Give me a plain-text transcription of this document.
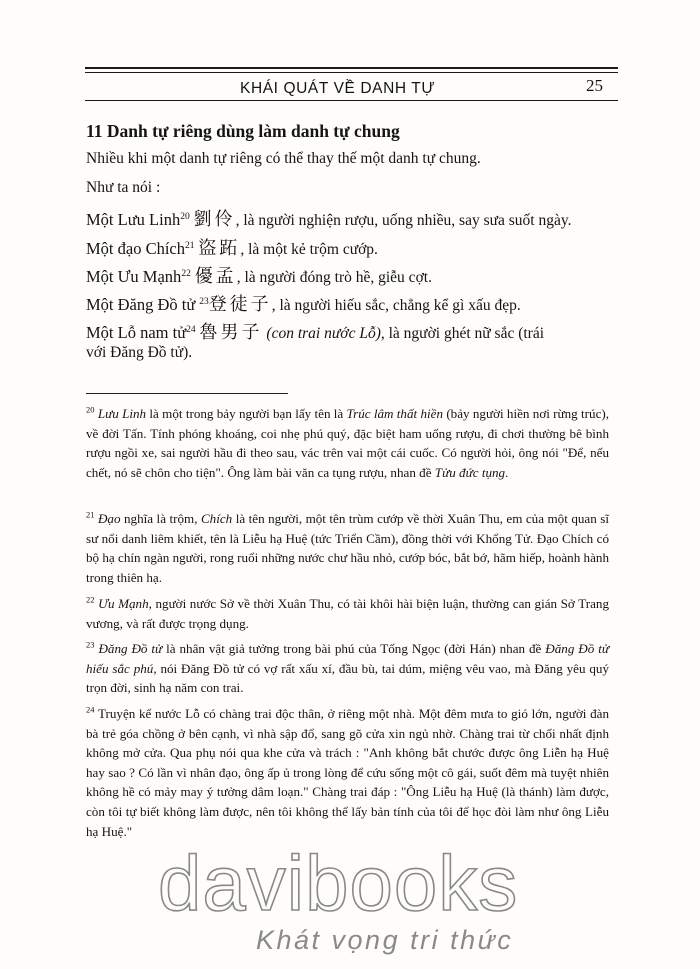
KHÁI QUÁT VỀ DANH TỰ	25
11 Danh tự riêng dùng làm danh tự chung
Nhiều khi một danh tự riêng có thể thay thế một danh tự chung.
Như ta nói :
Một Lưu Linh$^{20}$ 劉伶, là người nghiện rượu, uống nhiều, say sưa suốt ngày.
Một đạo Chích$^{21}$ 盜跖, là một kẻ trộm cướp.
Một Ưu Mạnh$^{22}$ 優孟, là người đóng trò hề, giễu cợt.
Một Đăng Đồ tử $^{23}$登徒子, là người hiếu sắc, chẳng kể gì xấu đẹp.
Một Lỗ nam tử$^{24}$ 魯男子 (con trai nước Lỗ), là người ghét nữ sắc (trái
với Đăng Đồ tử).
$^{20}$ Lưu Linh là một trong bảy người bạn lấy tên là Trúc lâm thất hiền (bảy người hiền nơi rừng trúc), về đời Tấn. Tính phóng khoáng, coi nhẹ phú quý, đặc biệt ham uống rượu, đi chơi thường bê bình rượu ngồi xe, sai người hầu đi theo sau, vác trên vai một cái cuốc. Có người hỏi, ông nói "Để, nếu chết, nó sẽ chôn cho tiện". Ông làm bài văn ca tụng rượu, nhan đề Tửu đức tụng.
$^{21}$ Đạo nghĩa là trộm, Chích là tên người, một tên trùm cướp về thời Xuân Thu, em của một quan sĩ sư nổi danh liêm khiết, tên là Liễu hạ Huệ (tức Triển Cầm), đồng thời với Khổng Tử. Đạo Chích có bộ hạ chín ngàn người, rong ruổi những nước chư hầu nhỏ, cướp bóc, bắt bớ, hãm hiếp, hoành hành trong thiên hạ.
$^{22}$ Ưu Mạnh, người nước Sở về thời Xuân Thu, có tài khôi hài biện luận, thường can gián Sở Trang vương, và rất được trọng dụng.
$^{23}$ Đăng Đồ tử là nhân vật giả tưởng trong bài phú của Tống Ngọc (đời Hán) nhan đề Đăng Đồ tử hiếu sắc phú, nói Đăng Đồ tử có vợ rất xấu xí, đầu bù, tai dúm, miệng vêu vao, mà Đăng yêu quý trọn đời, sinh hạ năm con trai.
$^{24}$ Truyện kể nước Lỗ có chàng trai độc thân, ở riêng một nhà. Một đêm mưa to gió lớn, người đàn bà trẻ góa chồng ở bên cạnh, vì nhà sập đổ, sang gõ cửa xin ngủ nhờ. Chàng trai từ chối nhất định không mở cửa. Qua phụ nói qua khe cửa và trách : "Anh không bắt chước được ông Liễn hạ Huệ hay sao ? Có lần vì nhân đạo, ông ấp ủ trong lòng để cứu sống một cô gái, suốt đêm mà tuyệt nhiên không hề có mảy may ý tưởng dâm loạn." Chàng trai đáp : "Ông Liễu hạ Huệ (là thánh) làm được, còn tôi tự biết không làm được, nên tôi không thể lấy bản tính của tôi để học đòi làm như ông Liễu hạ Huệ."
davibooks
Khát vọng tri thức
